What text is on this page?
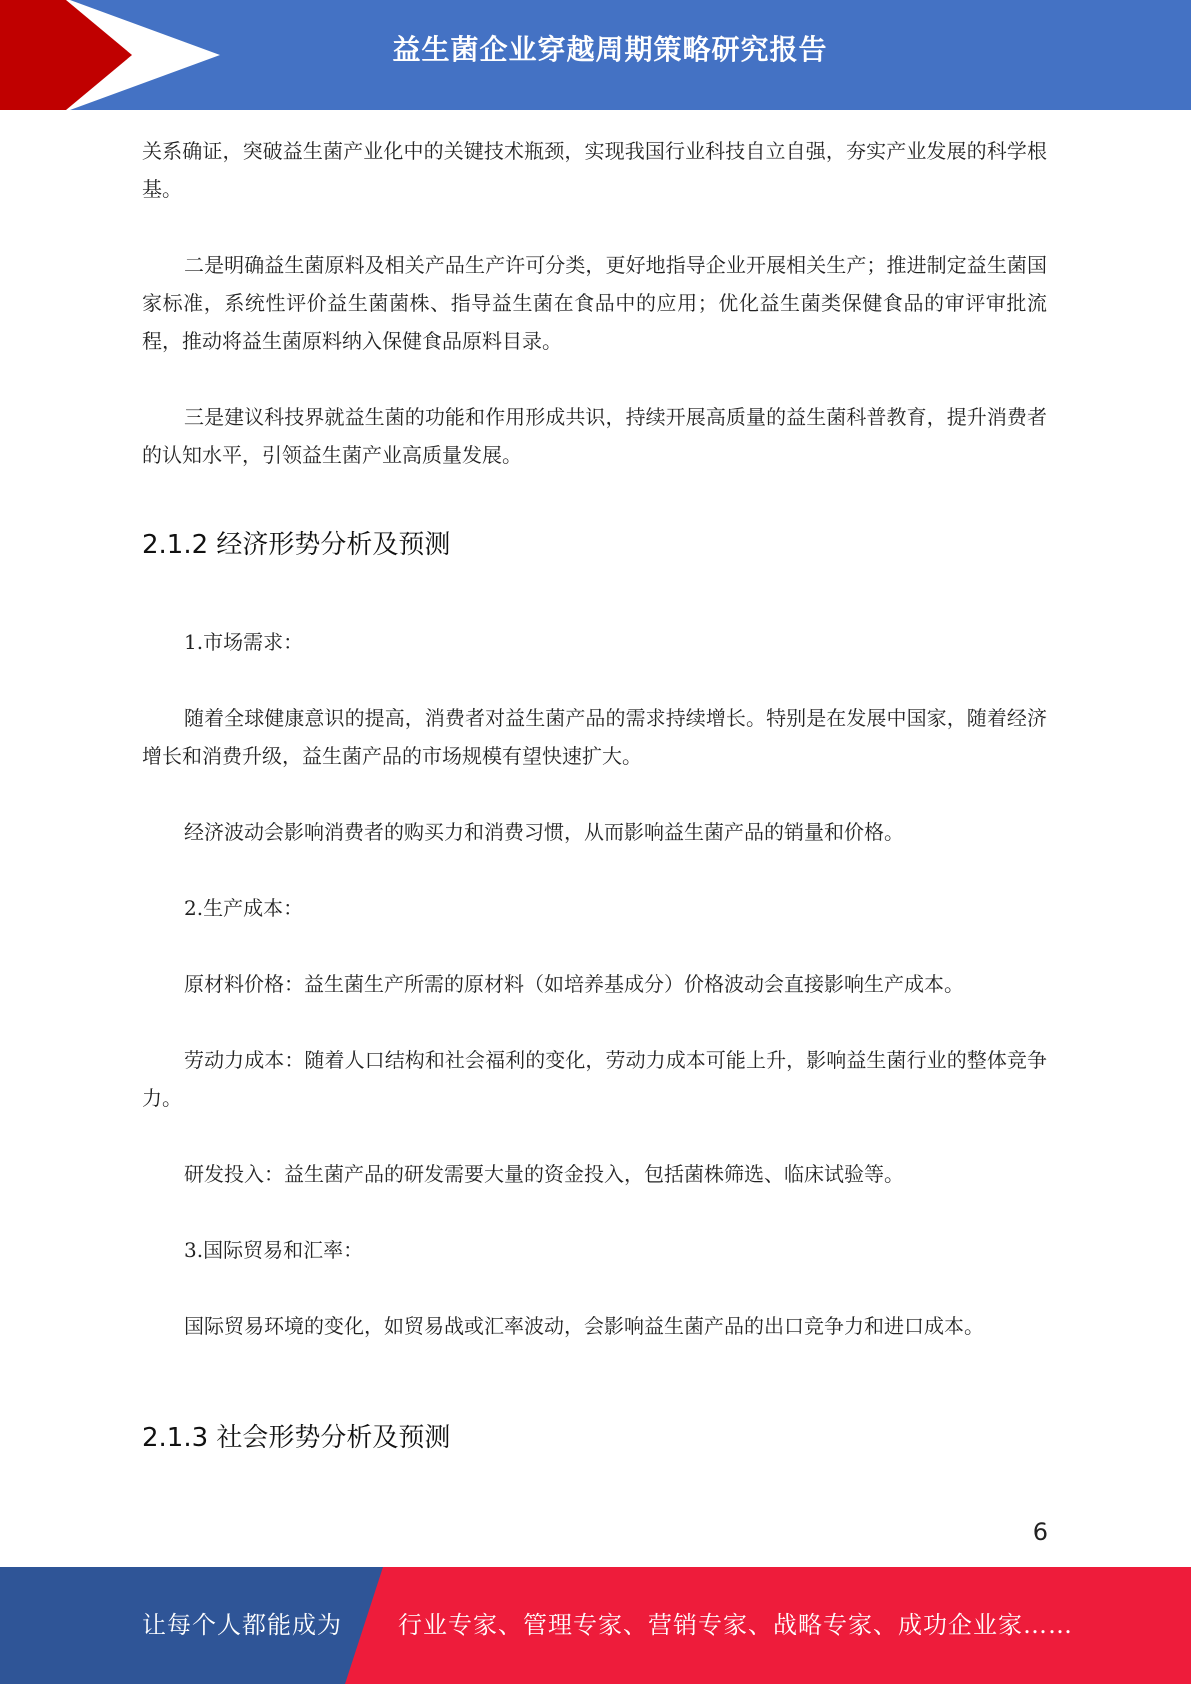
益生菌企业穿越周期策略研究报告

关系确证，突破益生菌产业化中的关键技术瓶颈，实现我国行业科技自立自强，夯实产业发展的科学根基。

二是明确益生菌原料及相关产品生产许可分类，更好地指导企业开展相关生产；推进制定益生菌国家标准，系统性评价益生菌菌株、指导益生菌在食品中的应用；优化益生菌类保健食品的审评审批流程，推动将益生菌原料纳入保健食品原料目录。

三是建议科技界就益生菌的功能和作用形成共识，持续开展高质量的益生菌科普教育，提升消费者的认知水平，引领益生菌产业高质量发展。

2.1.2 经济形势分析及预测

1.市场需求：

随着全球健康意识的提高，消费者对益生菌产品的需求持续增长。特别是在发展中国家，随着经济增长和消费升级，益生菌产品的市场规模有望快速扩大。

经济波动会影响消费者的购买力和消费习惯，从而影响益生菌产品的销量和价格。

2.生产成本：

原材料价格：益生菌生产所需的原材料（如培养基成分）价格波动会直接影响生产成本。

劳动力成本：随着人口结构和社会福利的变化，劳动力成本可能上升，影响益生菌行业的整体竞争力。

研发投入：益生菌产品的研发需要大量的资金投入，包括菌株筛选、临床试验等。

3.国际贸易和汇率：

国际贸易环境的变化，如贸易战或汇率波动，会影响益生菌产品的出口竞争力和进口成本。

2.1.3 社会形势分析及预测
6
让每个人都能成为 行业专家、管理专家、营销专家、战略专家、成功企业家……
